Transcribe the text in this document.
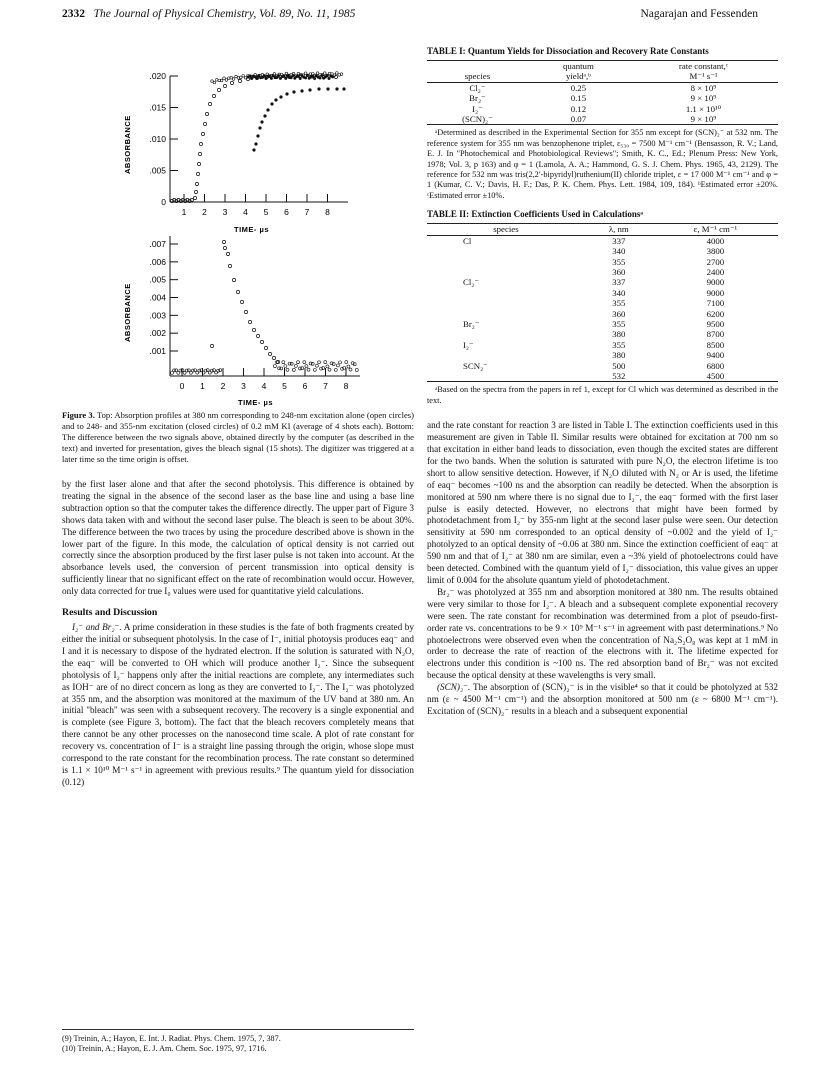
2332 The Journal of Physical Chemistry, Vol. 89, No. 11, 1985	Nagarajan and Fessenden
.020
.015
.010
.005
0
1 2 3 4 5 6 7 8
ABSORBANCE
TIME- µs
.007
.006
.005
.004
.003
.002
.001
0 1 2 3 4 5 6 7 8
ABSORBANCE
TIME- µs
Figure 3. Top: Absorption profiles at 380 nm corresponding to 248-nm excitation alone (open circles) and to 248- and 355-nm excitation (closed circles) of 0.2 mM KI (average of 4 shots each). Bottom: The difference between the two signals above, obtained directly by the computer (as described in the text) and inverted for presentation, gives the bleach signal (15 shots). The digitizer was triggered at a later time so the time origin is offset.

by the first laser alone and that after the second photolysis. This difference is obtained by treating the signal in the absence of the second laser as the base line and using a base line subtraction option so that the computer takes the difference directly. The upper part of Figure 3 shows data taken with and without the second laser pulse. The bleach is seen to be about 30%. The difference between the two traces by using the procedure described above is shown in the lower part of the figure. In this mode, the calculation of optical density is not carried out correctly since the absorption produced by the first laser pulse is not taken into account. At the absorbance levels used, the conversion of percent transmission into optical density is sufficiently linear that no significant effect on the rate of recombination would occur. However, only data corrected for true I₀ values were used for quantitative yield calculations.

Results and Discussion

I₂⁻ and Br₂⁻. A prime consideration in these studies is the fate of both fragments created by either the initial or subsequent photolysis. In the case of I⁻, initial photoysis produces eaq⁻ and I and it is necessary to dispose of the hydrated electron. If the solution is saturated with N₂O, the eaq⁻ will be converted to OH which will produce another I₂⁻. Since the subsequent photolysis of I₂⁻ happens only after the initial reactions are complete, any intermediates such as IOH⁻ are of no direct concern as long as they are converted to I₂⁻. The I₂⁻ was photolyzed at 355 nm, and the absorption was monitored at the maximum of the UV band at 380 nm. An initial "bleach" was seen with a subsequent recovery. The recovery is a single exponential and is complete (see Figure 3, bottom). The fact that the bleach recovers completely means that there cannot be any other processes on the nanosecond time scale. A plot of rate constant for recovery vs. concentration of I⁻ is a straight line passing through the origin, whose slope must correspond to the rate constant for the recombination process. The rate constant so determined is 1.1 × 10¹⁰ M⁻¹ s⁻¹ in agreement with previous results.⁹ The quantum yield for dissociation (0.12)

(9) Treinin, A.; Hayon, E. Int. J. Radiat. Phys. Chem. 1975, 7, 387.
(10) Treinin, A.; Hayon, E. J. Am. Chem. Soc. 1975, 97, 1716.
TABLE I: Quantum Yields for Dissociation and Recovery Rate Constants
	quantum	rate constant,ᶜ
species	yieldᵃ,ᵇ	M⁻¹ s⁻¹
Cl₂⁻	0.25	8 × 10⁹
Br₂⁻	0.15	9 × 10⁹
I₂⁻	0.12	1.1 × 10¹⁰
(SCN)₂⁻	0.07	9 × 10⁹
ᵃDetermined as described in the Experimental Section for 355 nm except for (SCN)₂⁻ at 532 nm. The reference system for 355 nm was benzophenone triplet, ε₅₃₀ = 7500 M⁻¹ cm⁻¹ (Bensasson, R. V.; Land, E. J. In "Photochemical and Photobiological Reviews"; Smith, K. C., Ed.; Plenum Press: New York, 1978; Vol. 3, p 163) and φ = 1 (Lamola, A. A.; Hammond, G. S. J. Chem. Phys. 1965, 43, 2129). The reference for 532 nm was tris(2,2′-bipyridyl)ruthenium(II) chloride triplet, ε = 17 000 M⁻¹ cm⁻¹ and φ = 1 (Kumar, C. V.; Davis, H. F.; Das, P. K. Chem. Phys. Lett. 1984, 109, 184). ᵇEstimated error ±20%. ᶜEstimated error ±10%.
TABLE II: Extinction Coefficients Used in Calculationsᵃ
species	λ, nm	ε, M⁻¹ cm⁻¹
Cl	337	4000
	340	3800
	355	2700
	360	2400
Cl₂⁻	337	9000
	340	9000
	355	7100
	360	6200
Br₂⁻	355	9500
	380	8700
I₂⁻	355	8500
	380	9400
SCN₂⁻	500	6800
	532	4500
ᵃBased on the spectra from the papers in ref 1, except for Cl which was determined as described in the text.

and the rate constant for reaction 3 are listed in Table I. The extinction coefficients used in this measurement are given in Table II. Similar results were obtained for excitation at 700 nm so that excitation in either band leads to dissociation, even though the excited states are different for the two bands. When the solution is saturated with pure N₂O, the electron lifetime is too short to allow sensitive detection. However, if N₂O diluted with N₂ or Ar is used, the lifetime of eaq⁻ becomes ~100 ns and the absorption can readily be detected. When the absorption is monitored at 590 nm where there is no signal due to I₂⁻, the eaq⁻ formed with the first laser pulse is easily detected. However, no electrons that might have been formed by photodetachment from I₂⁻ by 355-nm light at the second laser pulse were seen. Our detection sensitivity at 590 nm corresponded to an optical density of ~0.002 and the yield of I₂⁻ photolyzed to an optical density of ~0.06 at 380 nm. Since the extinction coefficient of eaq⁻ at 590 nm and that of I₂⁻ at 380 nm are similar, even a ~3% yield of photoelectrons could have been detected. Combined with the quantum yield of I₂⁻ dissociation, this value gives an upper limit of 0.004 for the absolute quantum yield of photodetachment.

Br₂⁻ was photolyzed at 355 nm and absorption monitored at 380 nm. The results obtained were very similar to those for I₂⁻. A bleach and a subsequent complete exponential recovery were seen. The rate constant for recombination was determined from a plot of pseudo-first-order rate vs. concentrations to be 9 × 10⁹ M⁻¹ s⁻¹ in agreement with past determinations.⁹ No photoelectrons were observed even when the concentration of Na₂S₂O₈ was kept at 1 mM in order to decrease the rate of reaction of the electrons with it. The lifetime expected for electrons under this condition is ~100 ns. The red absorption band of Br₂⁻ was not excited because the optical density at these wavelengths is very small.

(SCN)₂⁻. The absorption of (SCN)₂⁻ is in the visible⁴ so that it could be photolyzed at 532 nm (ε ~ 4500 M⁻¹ cm⁻¹) and the absorption monitored at 500 nm (ε ~ 6800 M⁻¹ cm⁻¹). Excitation of (SCN)₂⁻ results in a bleach and a subsequent exponential
